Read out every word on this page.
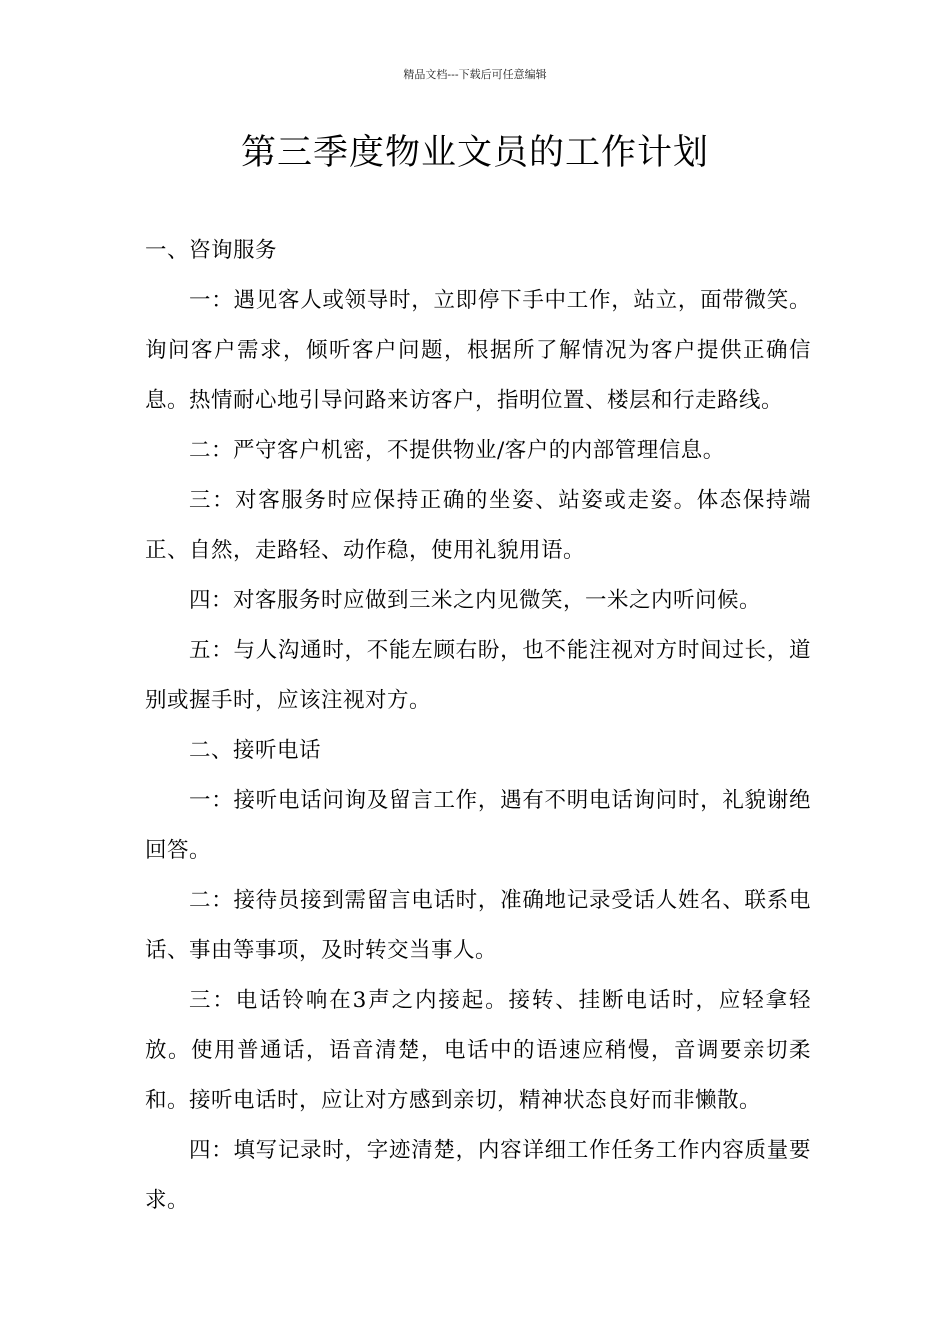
精品文档---下载后可任意编辑
第三季度物业文员的工作计划

一、咨询服务

一：遇见客人或领导时，立即停下手中工作，站立，面带微笑。询问客户需求，倾听客户问题，根据所了解情况为客户提供正确信息。热情耐心地引导问路来访客户，指明位置、楼层和行走路线。

二：严守客户机密，不提供物业/客户的内部管理信息。

三：对客服务时应保持正确的坐姿、站姿或走姿。体态保持端正、自然，走路轻、动作稳，使用礼貌用语。

四：对客服务时应做到三米之内见微笑，一米之内听问候。

五：与人沟通时，不能左顾右盼，也不能注视对方时间过长，道别或握手时，应该注视对方。

二、接听电话

一：接听电话问询及留言工作，遇有不明电话询问时，礼貌谢绝回答。

二：接待员接到需留言电话时，准确地记录受话人姓名、联系电话、事由等事项，及时转交当事人。

三：电话铃响在3声之内接起。接转、挂断电话时，应轻拿轻放。使用普通话，语音清楚，电话中的语速应稍慢，音调要亲切柔和。接听电话时，应让对方感到亲切，精神状态良好而非懒散。

四：填写记录时，字迹清楚，内容详细工作任务工作内容质量要求。
